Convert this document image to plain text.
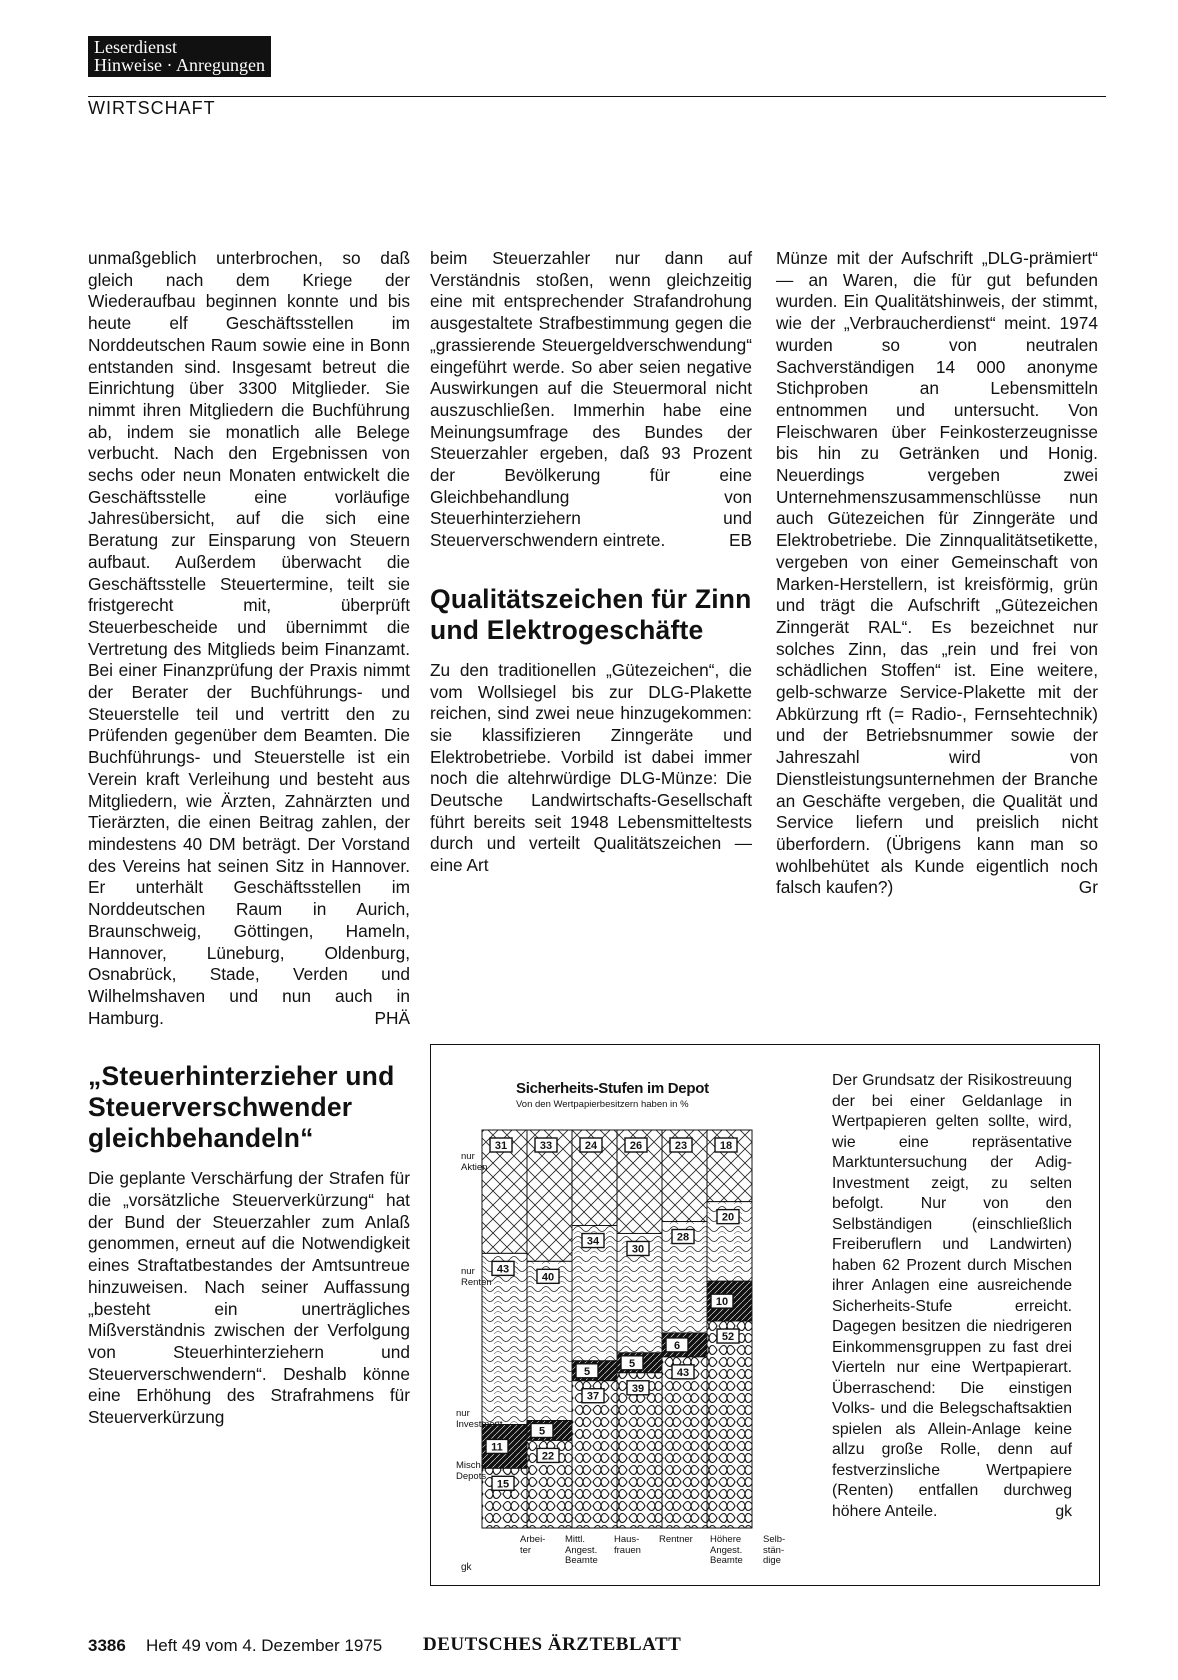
Leserdienst
Hinweise · Anregungen
WIRTSCHAFT

unmaßgeblich unterbrochen, so daß gleich nach dem Kriege der Wiederaufbau beginnen konnte und bis heute elf Geschäftsstellen im Norddeutschen Raum sowie eine in Bonn entstanden sind. Insgesamt betreut die Einrichtung über 3300 Mitglieder. Sie nimmt ihren Mitgliedern die Buchführung ab, indem sie monatlich alle Belege verbucht. Nach den Ergebnissen von sechs oder neun Monaten entwickelt die Geschäftsstelle eine vorläufige Jahresübersicht, auf die sich eine Beratung zur Einsparung von Steuern aufbaut. Außerdem überwacht die Geschäftsstelle Steuertermine, teilt sie fristgerecht mit, überprüft Steuerbescheide und übernimmt die Vertretung des Mitglieds beim Finanzamt. Bei einer Finanzprüfung der Praxis nimmt der Berater der Buchführungs- und Steuerstelle teil und vertritt den zu Prüfenden gegenüber dem Beamten. Die Buchführungs- und Steuerstelle ist ein Verein kraft Verleihung und besteht aus Mitgliedern, wie Ärzten, Zahnärzten und Tierärzten, die einen Beitrag zahlen, der mindestens 40 DM beträgt. Der Vorstand des Vereins hat seinen Sitz in Hannover. Er unterhält Geschäftsstellen im Norddeutschen Raum in Aurich, Braunschweig, Göttingen, Hameln, Hannover, Lüneburg, Oldenburg, Osnabrück, Stade, Verden und Wilhelmshaven und nun auch in Hamburg.	PHÄ

„Steuerhinterzieher und Steuerverschwender gleichbehandeln“

Die geplante Verschärfung der Strafen für die „vorsätzliche Steuerverkürzung“ hat der Bund der Steuerzahler zum Anlaß genommen, erneut auf die Notwendigkeit eines Straftatbestandes der Amtsuntreue hinzuweisen. Nach seiner Auffassung „besteht ein unerträgliches Mißverständnis zwischen der Verfolgung von Steuerhinterziehern und Steuerverschwendern“. Deshalb könne eine Erhöhung des Strafrahmens für Steuerverkürzung

beim Steuerzahler nur dann auf Verständnis stoßen, wenn gleichzeitig eine mit entsprechender Strafandrohung ausgestaltete Strafbestimmung gegen die „grassierende Steuergeldverschwendung“ eingeführt werde. So aber seien negative Auswirkungen auf die Steuermoral nicht auszuschließen. Immerhin habe eine Meinungsumfrage des Bundes der Steuerzahler ergeben, daß 93 Prozent der Bevölkerung für eine Gleichbehandlung von Steuerhinterziehern und Steuerverschwendern eintrete.	EB

Qualitätszeichen für Zinn und Elektrogeschäfte

Zu den traditionellen „Gütezeichen“, die vom Wollsiegel bis zur DLG-Plakette reichen, sind zwei neue hinzugekommen: sie klassifizieren Zinngeräte und Elektrobetriebe. Vorbild ist dabei immer noch die altehrwürdige DLG-Münze: Die Deutsche Landwirtschafts-Gesellschaft führt bereits seit 1948 Lebensmitteltests durch und verteilt Qualitätszeichen — eine Art

Münze mit der Aufschrift „DLG-prämiert“ — an Waren, die für gut befunden wurden. Ein Qualitätshinweis, der stimmt, wie der „Verbraucherdienst“ meint. 1974 wurden so von neutralen Sachverständigen 14 000 anonyme Stichproben an Lebensmitteln entnommen und untersucht. Von Fleischwaren über Feinkosterzeugnisse bis hin zu Getränken und Honig. Neuerdings vergeben zwei Unternehmenszusammenschlüsse nun auch Gütezeichen für Zinngeräte und Elektrobetriebe. Die Zinnqualitätsetikette, vergeben von einer Gemeinschaft von Marken-Herstellern, ist kreisförmig, grün und trägt die Aufschrift „Gütezeichen Zinngerät RAL“. Es bezeichnet nur solches Zinn, das „rein und frei von schädlichen Stoffen“ ist. Eine weitere, gelb-schwarze Service-Plakette mit der Abkürzung rft (= Radio-, Fernsehtechnik) und der Betriebsnummer sowie der Jahreszahl wird von Dienstleistungsunternehmen der Branche an Geschäfte vergeben, die Qualität und Service liefern und preislich nicht überfordern. (Übrigens kann man so wohlbehütet als Kunde eigentlich noch falsch kaufen?)	Gr

Sicherheits-Stufen im Depot
Von den Wertpapierbesitzern haben in %
31
43
11
15
33
40
5
22
24
34
5
37
26
30
5
39
23
28
6
43
18
20
10
52
nur
Aktien
nur
Renten
nur
Investment
Misch-
Depots
gk
Arbei-
ter
Mittl.
Angest.
Beamte
Haus-
frauen
Rentner Höhere
Angest.
Beamte
Selb-
stän-
dige
Der Grundsatz der Risikostreuung der bei einer Geldanlage in Wertpapieren gelten sollte, wird, wie eine repräsentative Marktuntersuchung der Adig-Investment zeigt, zu selten befolgt. Nur von den Selbständigen (einschließlich Freiberuflern und Landwirten) haben 62 Prozent durch Mischen ihrer Anlagen eine ausreichende Sicherheits-Stufe erreicht. Dagegen besitzen die niedrigeren Einkommensgruppen zu fast drei Vierteln nur eine Wertpapierart. Überraschend: Die einstigen Volks- und die Belegschaftsaktien spielen als Allein-Anlage keine allzu große Rolle, denn auf festverzinsliche Wertpapiere (Renten) entfallen durchweg höhere Anteile.	gk
3386 Heft 49 vom 4. Dezember 1975 DEUTSCHES ÄRZTEBLATT
